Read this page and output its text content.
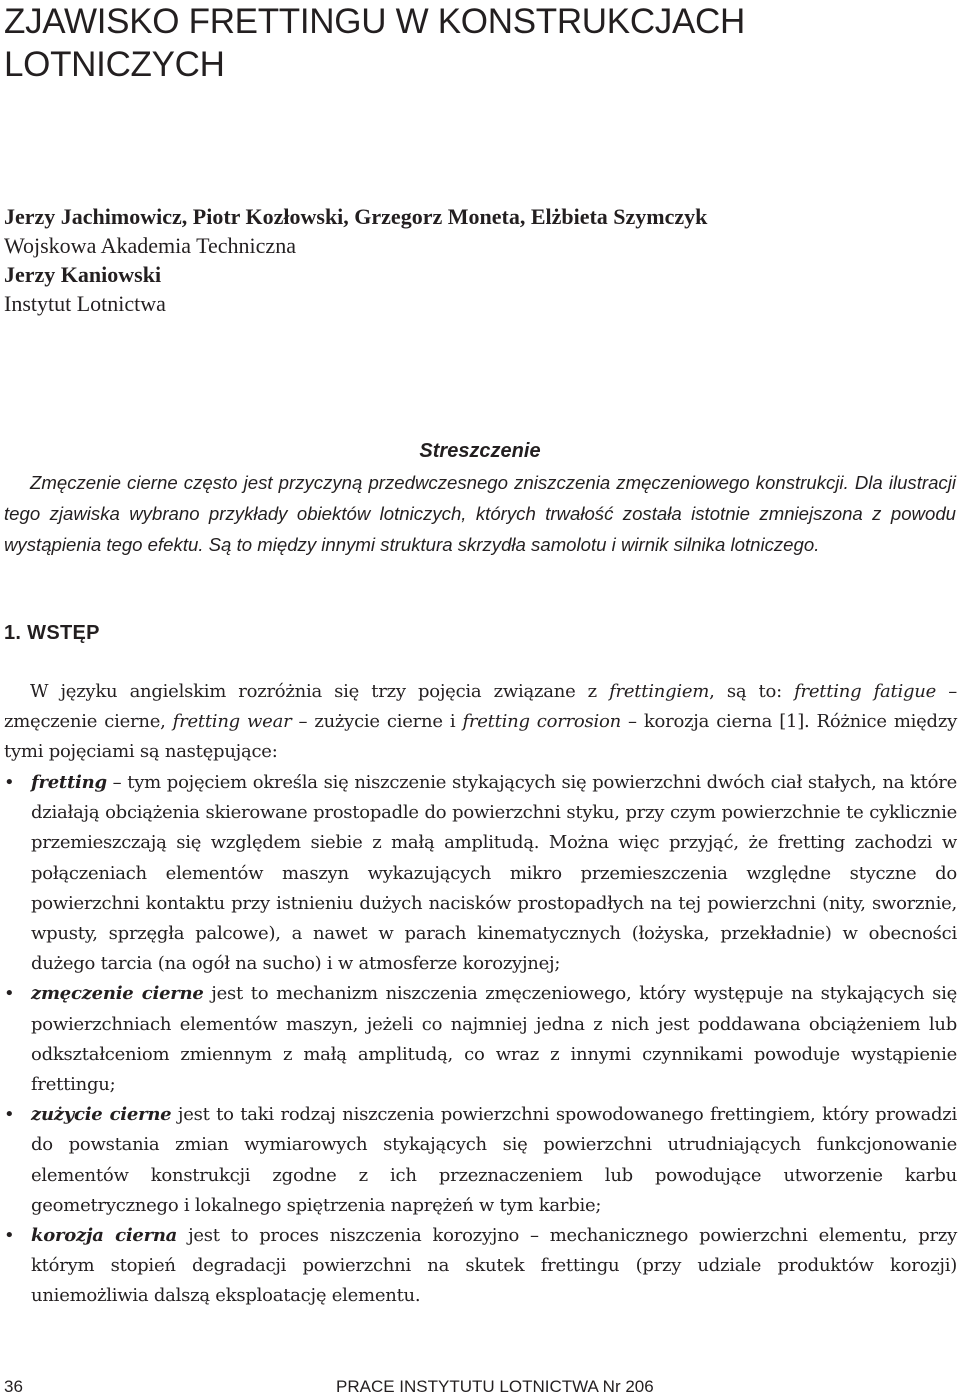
ZJAWISKO FRETTINGU W KONSTRUKCJACH LOTNICZYCH
Jerzy Jachimowicz, Piotr Kozłowski, Grzegorz Moneta, Elżbieta Szymczyk
Wojskowa Akademia Techniczna
Jerzy Kaniowski
Instytut Lotnictwa
Streszczenie

Zmęczenie cierne często jest przyczyną przedwczesnego zniszczenia zmęczeniowego konstrukcji. Dla ilustracji tego zjawiska wybrano przykłady obiektów lotniczych, których trwałość została istotnie zmniejszona z powodu wystąpienia tego efektu. Są to między innymi struktura skrzydła samolotu i wirnik silnika lotniczego.

1. WSTĘP

W języku angielskim rozróżnia się trzy pojęcia związane z frettingiem, są to: fretting fatigue – zmęczenie cierne, fretting wear – zużycie cierne i fretting corrosion – korozja cierna [1]. Różnice między tymi pojęciami są następujące:

• fretting – tym pojęciem określa się niszczenie stykających się powierzchni dwóch ciał stałych, na które działają obciążenia skierowane prostopadle do powierzchni styku, przy czym powierzchnie te cyklicznie przemieszczają się względem siebie z małą amplitudą. Można więc przyjąć, że fretting zachodzi w połączeniach elementów maszyn wykazujących mikro przemieszczenia względne styczne do powierzchni kontaktu przy istnieniu dużych nacisków prostopadłych na tej powierzchni (nity, sworznie, wpusty, sprzęgła palcowe), a nawet w parach kinematycznych (łożyska, przekładnie) w obecności dużego tarcia (na ogół na sucho) i w atmosferze korozyjnej;
• zmęczenie cierne jest to mechanizm niszczenia zmęczeniowego, który występuje na stykających się powierzchniach elementów maszyn, jeżeli co najmniej jedna z nich jest poddawana obciążeniem lub odkształceniom zmiennym z małą amplitudą, co wraz z innymi czynnikami powoduje wystąpienie frettingu;
• zużycie cierne jest to taki rodzaj niszczenia powierzchni spowodowanego frettingiem, który prowadzi do powstania zmian wymiarowych stykających się powierzchni utrudniających funkcjonowanie elementów konstrukcji zgodne z ich przeznaczeniem lub powodujące utworzenie karbu geometrycznego i lokalnego spiętrzenia naprężeń w tym karbie;
• korozja cierna jest to proces niszczenia korozyjno – mechanicznego powierzchni elementu, przy którym stopień degradacji powierzchni na skutek frettingu (przy udziale produktów korozji) uniemożliwia dalszą eksploatację elementu.
36	PRACE INSTYTUTU LOTNICTWA Nr 206
